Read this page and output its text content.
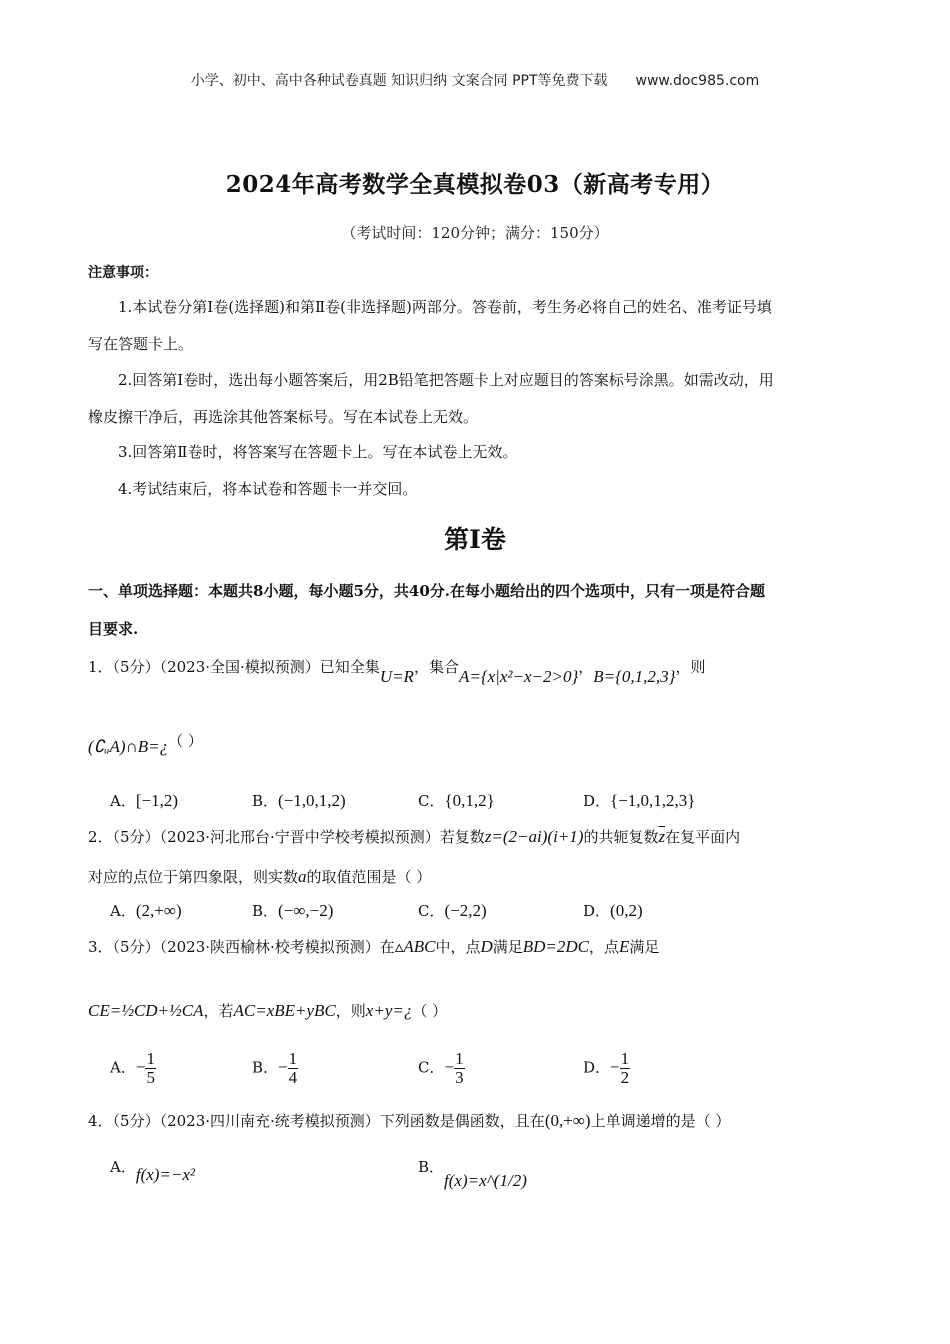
小学、初中、高中各种试卷真题 知识归纳 文案合同 PPT等免费下载 www.doc985.com
2024年高考数学全真模拟卷03（新高考专用）
（考试时间：120分钟；满分：150分）
注意事项：
1.本试卷分第Ⅰ卷(选择题)和第Ⅱ卷(非选择题)两部分。答卷前，考生务必将自己的姓名、准考证号填
写在答题卡上。
2.回答第Ⅰ卷时，选出每小题答案后，用2B铅笔把答题卡上对应题目的答案标号涂黑。如需改动，用
橡皮擦干净后，再选涂其他答案标号。写在本试卷上无效。
3.回答第Ⅱ卷时，将答案写在答题卡上。写在本试卷上无效。
4.考试结束后，将本试卷和答题卡一并交回。
第Ⅰ卷
一、单项选择题：本题共8小题，每小题5分，共40分.在每小题给出的四个选项中，只有一项是符合题
目要求.
1．（5分）（2023·全国·模拟预测）已知全集U=R，集合A={x|x²−x−2>0}，B={0,1,2,3}，则
(∁ᵤA)∩B=¿（ ）
A．[−1,2)	B．(−1,0,1,2)	C．{0,1,2}	D．{−1,0,1,2,3}
2．（5分）（2023·河北邢台·宁晋中学校考模拟预测）若复数z=(2−ai)(i+1)的共轭复数$\overline{z}$在复平面内
对应的点位于第四象限，则实数a的取值范围是（ ）
A．(2,+∞)	B．(−∞,−2)	C．(−2,2)	D．(0,2)
3．（5分）（2023·陕西榆林·校考模拟预测）在▵ABC中，点D满足BD=2DC，点E满足
CE=½CD+½CA，若AC=xBE+yBC，则x+y=¿（ ）
A．− $\frac{1}{5}$	B．− $\frac{1}{4}$	C．− $\frac{1}{3}$	D．− $\frac{1}{2}$
4．（5分）（2023·四川南充·统考模拟预测）下列函数是偶函数，且在(0,+∞)上单调递增的是（ ）
A．f(x)=−x²	B．f(x)=x^(1/2)
